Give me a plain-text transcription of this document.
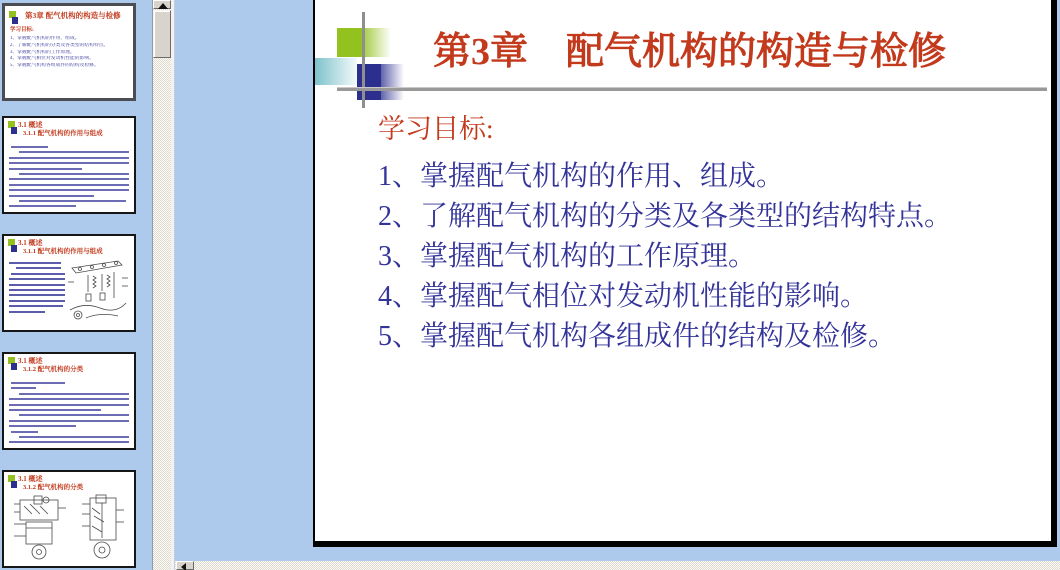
第3章 配气机构的构造与检修
学习目标:
1、掌握配气机构的作用、组成。
2、了解配气机构的分类及各类型的结构特点。
3、掌握配气机构的工作原理。
4、掌握配气相位对发动机性能的影响。
5、掌握配气机构各组成件的结构及检修。
3.1 概述
3.1.1 配气机构的作用与组成
3.1 概述
3.1.1 配气机构的作用与组成
3.1 概述
3.1.2 配气机构的分类
3.1 概述
3.1.2 配气机构的分类
第3章　配气机构的构造与检修
学习目标:
1、掌握配气机构的作用、组成。
2、了解配气机构的分类及各类型的结构特点。
3、掌握配气机构的工作原理。
4、掌握配气相位对发动机性能的影响。
5、掌握配气机构各组成件的结构及检修。
